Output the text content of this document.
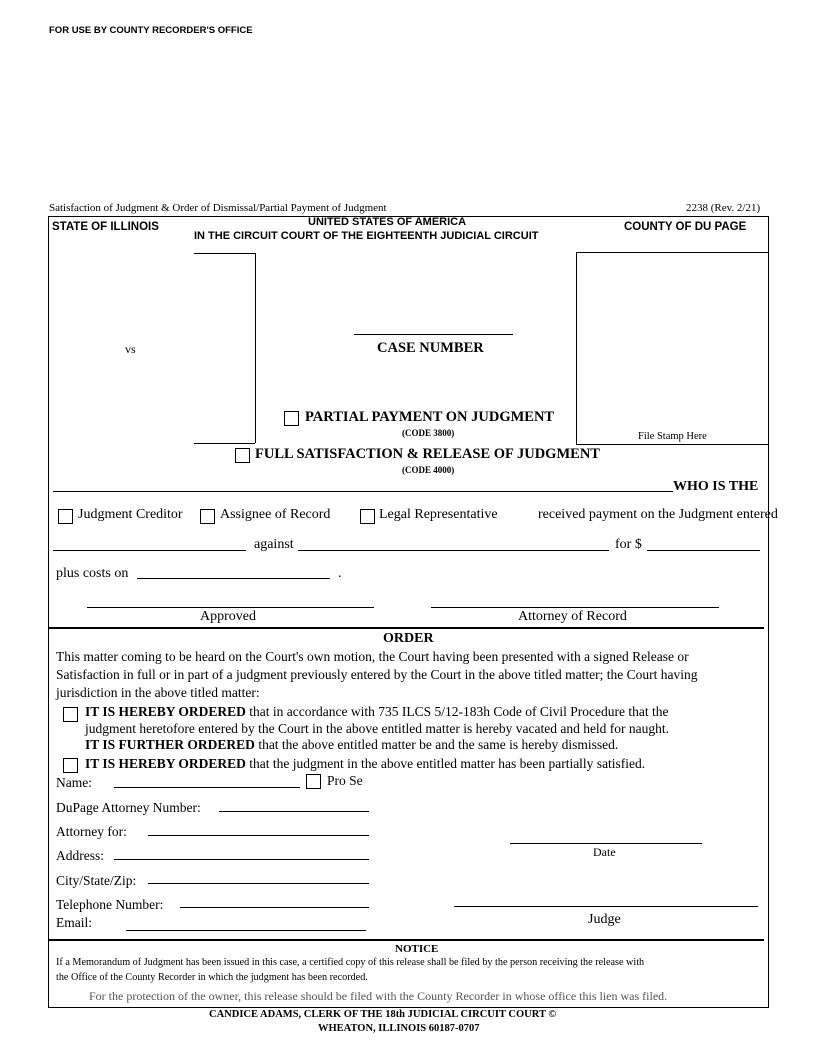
FOR USE BY COUNTY RECORDER'S OFFICE
Satisfaction of Judgment & Order of Dismissal/Partial Payment of Judgment	2238 (Rev. 2/21)
STATE OF ILLINOIS	UNITED STATES OF AMERICA
IN THE CIRCUIT COURT OF THE EIGHTEENTH JUDICIAL CIRCUIT
COUNTY OF DU PAGE
vs	CASE NUMBER
File Stamp Here
PARTIAL PAYMENT ON JUDGMENT
(CODE 3800)
FULL SATISFACTION & RELEASE OF JUDGMENT
(CODE 4000)
WHO IS THE
Judgment Creditor	Assignee of Record	Legal Representative	received payment on the Judgment entered
against	for $
plus costs on	.
Approved	Attorney of Record
ORDER
This matter coming to be heard on the Court's own motion, the Court having been presented with a signed Release or
Satisfaction in full or in part of a judgment previously entered by the Court in the above titled matter; the Court having
jurisdiction in the above titled matter:
IT IS HEREBY ORDERED that in accordance with 735 ILCS 5/12-183h Code of Civil Procedure that the
judgment heretofore entered by the Court in the above entitled matter is hereby vacated and held for naught.
IT IS FURTHER ORDERED that the above entitled matter be and the same is hereby dismissed.
IT IS HEREBY ORDERED that the judgment in the above entitled matter has been partially satisfied.
Name:	Pro Se
DuPage Attorney Number:
Attorney for:
Address:
City/State/Zip:
Telephone Number:
Email:
Date
Judge
NOTICE
If a Memorandum of Judgment has been issued in this case, a certified copy of this release shall be filed by the person receiving the release with
the Office of the County Recorder in which the judgment has been recorded.
For the protection of the owner, this release should be filed with the County Recorder in whose office this lien was filed.
CANDICE ADAMS, CLERK OF THE 18th JUDICIAL CIRCUIT COURT ©
WHEATON, ILLINOIS 60187-0707
